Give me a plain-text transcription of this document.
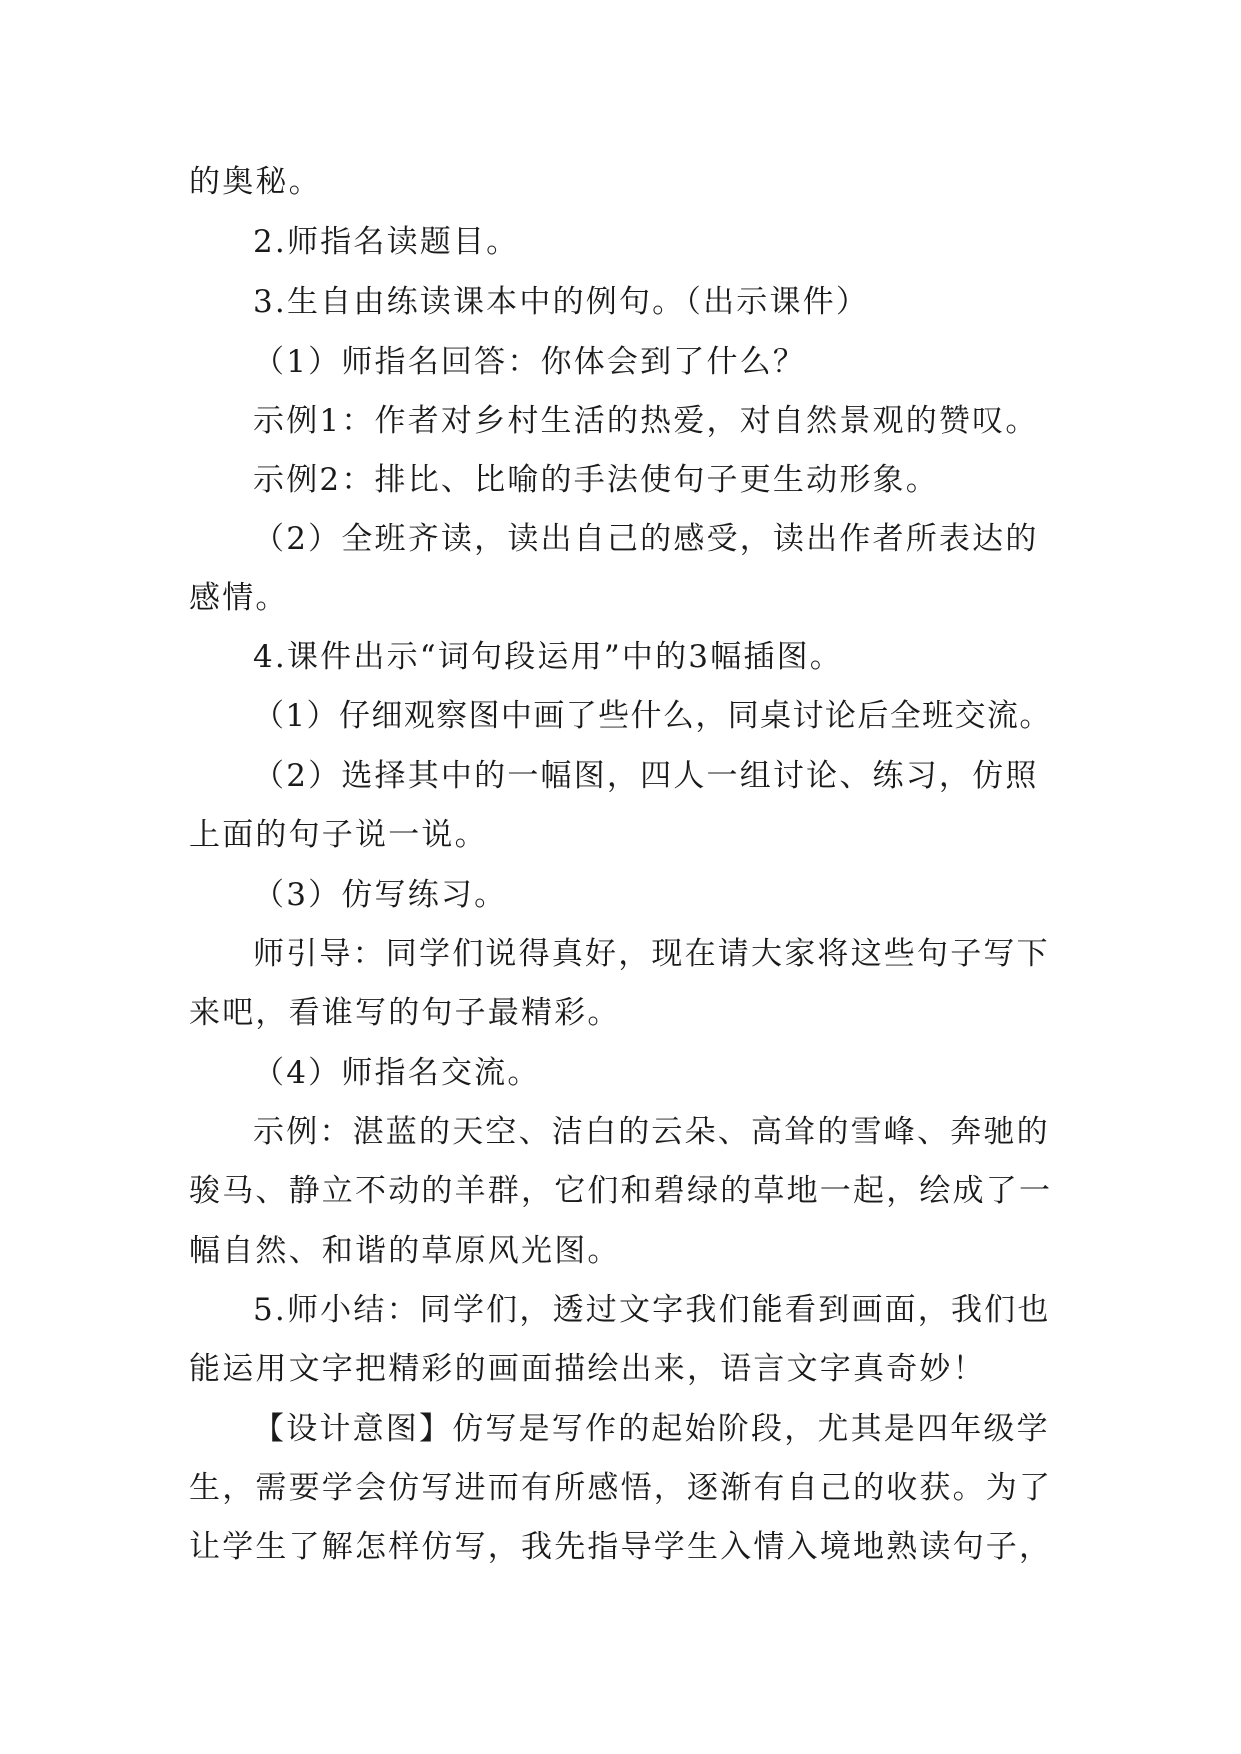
的奥秘。
2.师指名读题目。
3.生自由练读课本中的例句。（出示课件）
（1）师指名回答：你体会到了什么？
示例1：作者对乡村生活的热爱，对自然景观的赞叹。
示例2：排比、比喻的手法使句子更生动形象。
（2）全班齐读，读出自己的感受，读出作者所表达的
感情。
4.课件出示“词句段运用”中的3幅插图。
（1）仔细观察图中画了些什么，同桌讨论后全班交流。
（2）选择其中的一幅图，四人一组讨论、练习，仿照
上面的句子说一说。
（3）仿写练习。
师引导：同学们说得真好，现在请大家将这些句子写下
来吧，看谁写的句子最精彩。
（4）师指名交流。
示例：湛蓝的天空、洁白的云朵、高耸的雪峰、奔驰的
骏马、静立不动的羊群，它们和碧绿的草地一起，绘成了一
幅自然、和谐的草原风光图。
5.师小结：同学们，透过文字我们能看到画面，我们也
能运用文字把精彩的画面描绘出来，语言文字真奇妙！
【设计意图】仿写是写作的起始阶段，尤其是四年级学
生，需要学会仿写进而有所感悟，逐渐有自己的收获。为了
让学生了解怎样仿写，我先指导学生入情入境地熟读句子，
